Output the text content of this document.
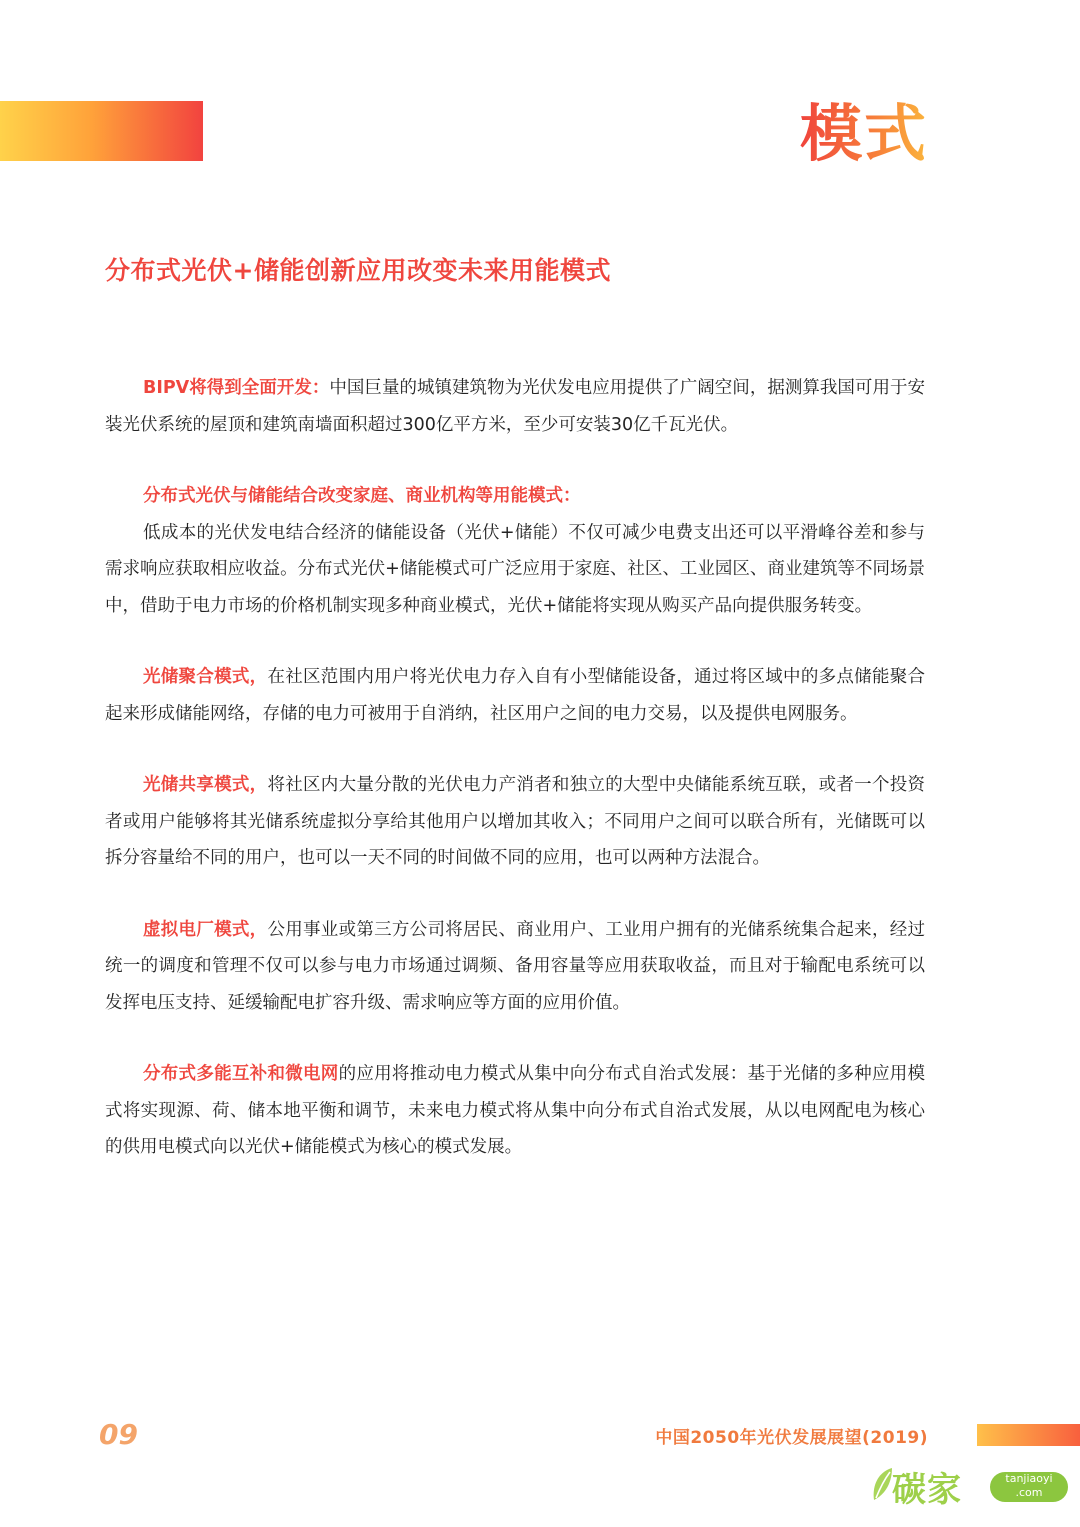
模式
分布式光伏+储能创新应用改变未来用能模式

BIPV将得到全面开发：中国巨量的城镇建筑物为光伏发电应用提供了广阔空间，据测算我国可用于安装光伏系统的屋顶和建筑南墙面积超过300亿平方米，至少可安装30亿千瓦光伏。

分布式光伏与储能结合改变家庭、商业机构等用能模式：

低成本的光伏发电结合经济的储能设备（光伏+储能）不仅可减少电费支出还可以平滑峰谷差和参与需求响应获取相应收益。分布式光伏+储能模式可广泛应用于家庭、社区、工业园区、商业建筑等不同场景中，借助于电力市场的价格机制实现多种商业模式，光伏+储能将实现从购买产品向提供服务转变。

光储聚合模式，在社区范围内用户将光伏电力存入自有小型储能设备，通过将区域中的多点储能聚合起来形成储能网络，存储的电力可被用于自消纳，社区用户之间的电力交易，以及提供电网服务。

光储共享模式，将社区内大量分散的光伏电力产消者和独立的大型中央储能系统互联，或者一个投资者或用户能够将其光储系统虚拟分享给其他用户以增加其收入；不同用户之间可以联合所有，光储既可以拆分容量给不同的用户，也可以一天不同的时间做不同的应用，也可以两种方法混合。

虚拟电厂模式，公用事业或第三方公司将居民、商业用户、工业用户拥有的光储系统集合起来，经过统一的调度和管理不仅可以参与电力市场通过调频、备用容量等应用获取收益，而且对于输配电系统可以发挥电压支持、延缓输配电扩容升级、需求响应等方面的应用价值。

分布式多能互补和微电网的应用将推动电力模式从集中向分布式自治式发展：基于光储的多种应用模式将实现源、荷、储本地平衡和调节，未来电力模式将从集中向分布式自治式发展，从以电网配电为核心的供用电模式向以光伏+储能模式为核心的模式发展。

09	中国2050年光伏发展展望(2019)
碳家	tanjiaoyi
.com
